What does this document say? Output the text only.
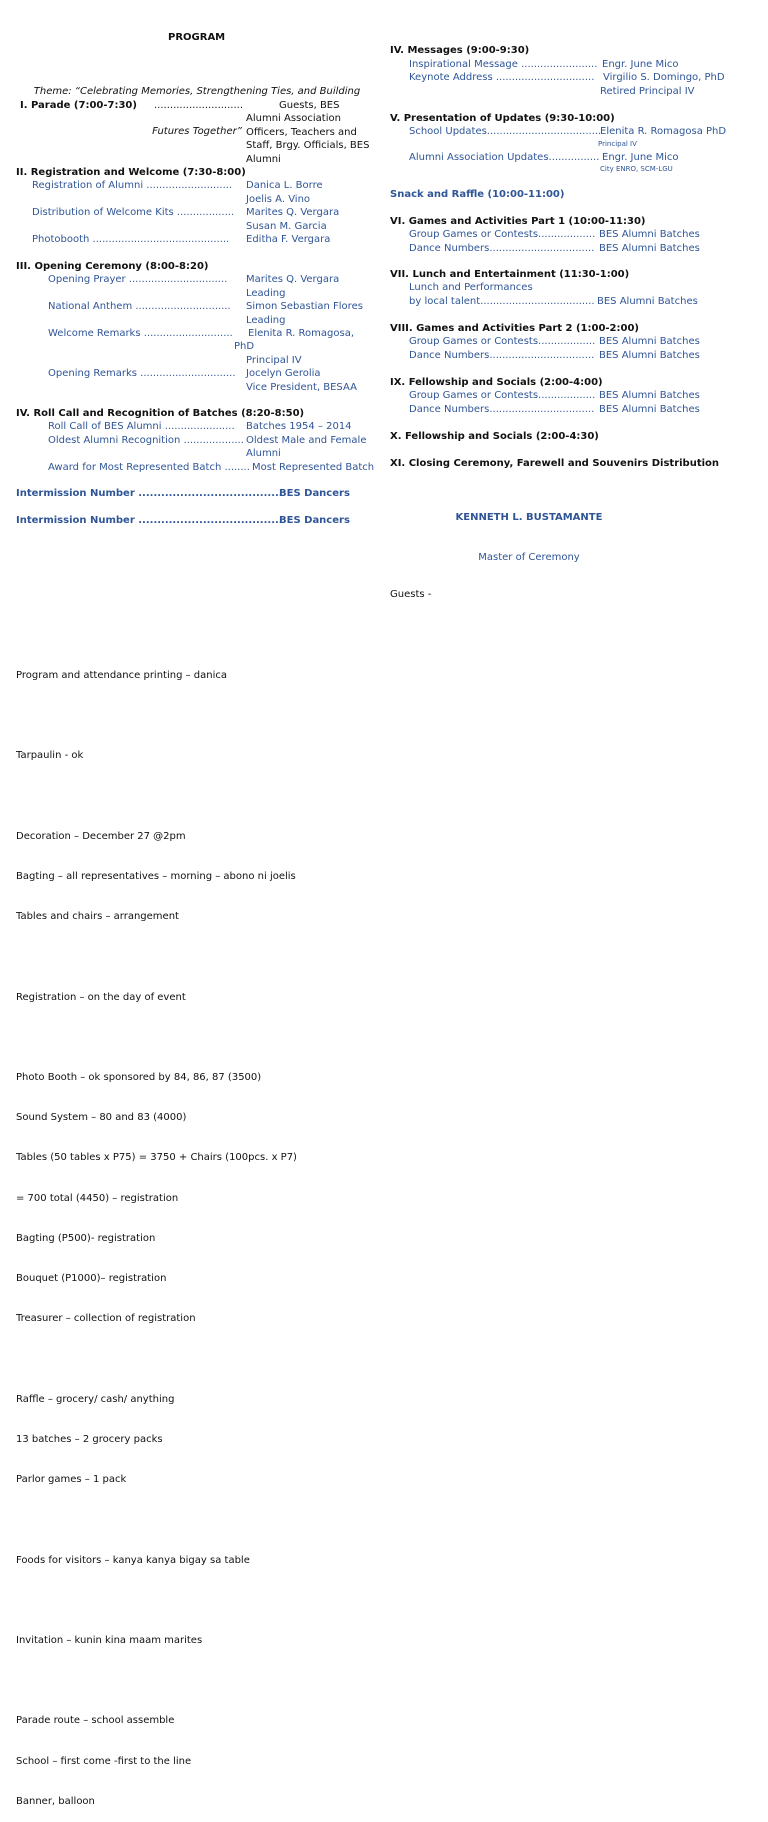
PROGRAM

Theme: “Celebrating Memories, Strengthening Ties, and Building

Futures Together”

I. Parade (7:00-7:30) ............................	Guests, BES
Alumni Association
Officers, Teachers and
Staff, Brgy. Officials, BES
Alumni
II. Registration and Welcome (7:30-8:00)
Registration of Alumni ........................... Danica L. Borre
Joelis A. Vino
Distribution of Welcome Kits .................. Marites Q. Vergara
Susan M. Garcia
Photobooth ........................................... Editha F. Vergara
III. Opening Ceremony (8:00-8:20)
Opening Prayer ............................... Marites Q. Vergara
Leading
National Anthem .............................. Simon Sebastian Flores
Leading
Welcome Remarks ............................ Elenita R. Romagosa,
PhD
Principal IV
Opening Remarks .............................. Jocelyn Gerolia
Vice President, BESAA
IV. Roll Call and Recognition of Batches (8:20-8:50)
Roll Call of BES Alumni ...................... Batches 1954 – 2014
Oldest Alumni Recognition ................... Oldest Male and Female
Alumni
Award for Most Represented Batch ........ Most Represented Batch
Intermission Number ......................................
BES Dancers
Intermission Number ......................................
BES Dancers
IV. Messages (9:00-9:30)
Inspirational Message ........................ Engr. June Mico
Keynote Address ............................... Virgilio S. Domingo, PhD
Retired Principal IV
V. Presentation of Updates (9:30-10:00)
School Updates....................................
Elenita R. Romagosa PhD
Principal IV
Alumni Association Updates................ Engr. June Mico
City ENRO, SCM-LGU
Snack and Raffle (10:00-11:00)
VI. Games and Activities Part 1 (10:00-11:30)
Group Games or Contests.................. BES Alumni Batches
Dance Numbers................................. BES Alumni Batches
VII. Lunch and Entertainment (11:30-1:00)
Lunch and Performances
by local talent.................................... BES Alumni Batches
VIII. Games and Activities Part 2 (1:00-2:00)
Group Games or Contests.................. BES Alumni Batches
Dance Numbers................................. BES Alumni Batches
IX. Fellowship and Socials (2:00-4:00)
Group Games or Contests.................. BES Alumni Batches
Dance Numbers................................. BES Alumni Batches
X. Fellowship and Socials (2:00-4:30)
XI. Closing Ceremony, Farewell and Souvenirs Distribution

KENNETH L. BUSTAMANTE

Master of Ceremony

Guests -

Program and attendance printing – danica

Tarpaulin - ok

Decoration – December 27 @2pm

Bagting – all representatives – morning – abono ni joelis

Tables and chairs – arrangement

Registration – on the day of event

Photo Booth – ok sponsored by 84, 86, 87 (3500)

Sound System – 80 and 83 (4000)

Tables (50 tables x P75) = 3750 + Chairs (100pcs. x P7)

= 700 total (4450) – registration

Bagting (P500)- registration

Bouquet (P1000)– registration

Treasurer – collection of registration

Raffle – grocery/ cash/ anything

13 batches – 2 grocery packs

Parlor games – 1 pack

Foods for visitors – kanya kanya bigay sa table

Invitation – kunin kina maam marites

Parade route – school assemble

School – first come -first to the line

Banner, balloon
